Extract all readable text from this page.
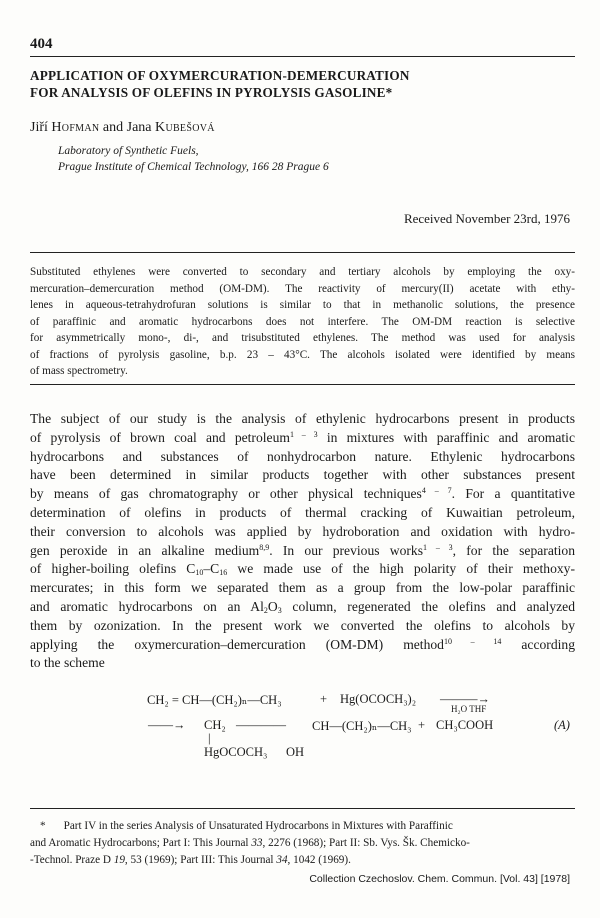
404
APPLICATION OF OXYMERCURATION-DEMERCURATION
FOR ANALYSIS OF OLEFINS IN PYROLYSIS GASOLINE*
Jiří Hofman and Jana Kubešová
Laboratory of Synthetic Fuels,
Prague Institute of Chemical Technology, 166 28 Prague 6
Received November 23rd, 1976
Substituted ethylenes were converted to secondary and tertiary alcohols by employing the oxy-
mercuration–demercuration method (OM-DM). The reactivity of mercury(II) acetate with ethy-
lenes in aqueous-tetrahydrofuran solutions is similar to that in methanolic solutions, the presence
of paraffinic and aromatic hydrocarbons does not interfere. The OM-DM reaction is selective
for asymmetrically mono-, di-, and trisubstituted ethylenes. The method was used for analysis
of fractions of pyrolysis gasoline, b.p. 23 – 43°C. The alcohols isolated were identified by means
of mass spectrometry.
The subject of our study is the analysis of ethylenic hydrocarbons present in products
of pyrolysis of brown coal and petroleum$^{1 - 3}$ in mixtures with paraffinic and aromatic
hydrocarbons and substances of nonhydrocarbon nature. Ethylenic hydrocarbons
have been determined in similar products together with other substances present
by means of gas chromatography or other physical techniques$^{4 - 7}$. For a quantitative
determination of olefins in products of thermal cracking of Kuwaitian petroleum,
their conversion to alcohols was applied by hydroboration and oxidation with hydro-
gen peroxide in an alkaline medium$^{8,9}$. In our previous works$^{1 - 3}$, for the separation
of higher-boiling olefins $C_{10}-C_{16}$ we made use of the high polarity of their methoxy-
mercurates; in this form we separated them as a group from the low-polar paraffinic
and aromatic hydrocarbons on an $Al_2O_3$ column, regenerated the olefins and analyzed
them by ozonization. In the present work we converted the olefins to alcohols by
applying the oxymercuration–demercuration (OM-DM) method$^{10 - 14}$ according
to the scheme
CH₂ = CH—(CH₂)ₙ—CH₃	+ Hg(OCOCH₃)₂ ———→
H₂O THF
——→ CH₂ ———— CH—(CH₂)ₙ—CH₃ + CH₃COOH	(A)
|
HgOCOCH₃ OH
* Part IV in the series Analysis of Unsaturated Hydrocarbons in Mixtures with Paraffinic
and Aromatic Hydrocarbons; Part I: This Journal 33, 2276 (1968); Part II: Sb. Vys. Šk. Chemicko-
-Technol. Praze D 19, 53 (1969); Part III: This Journal 34, 1042 (1969).
Collection Czechoslov. Chem. Commun. [Vol. 43] [1978]
